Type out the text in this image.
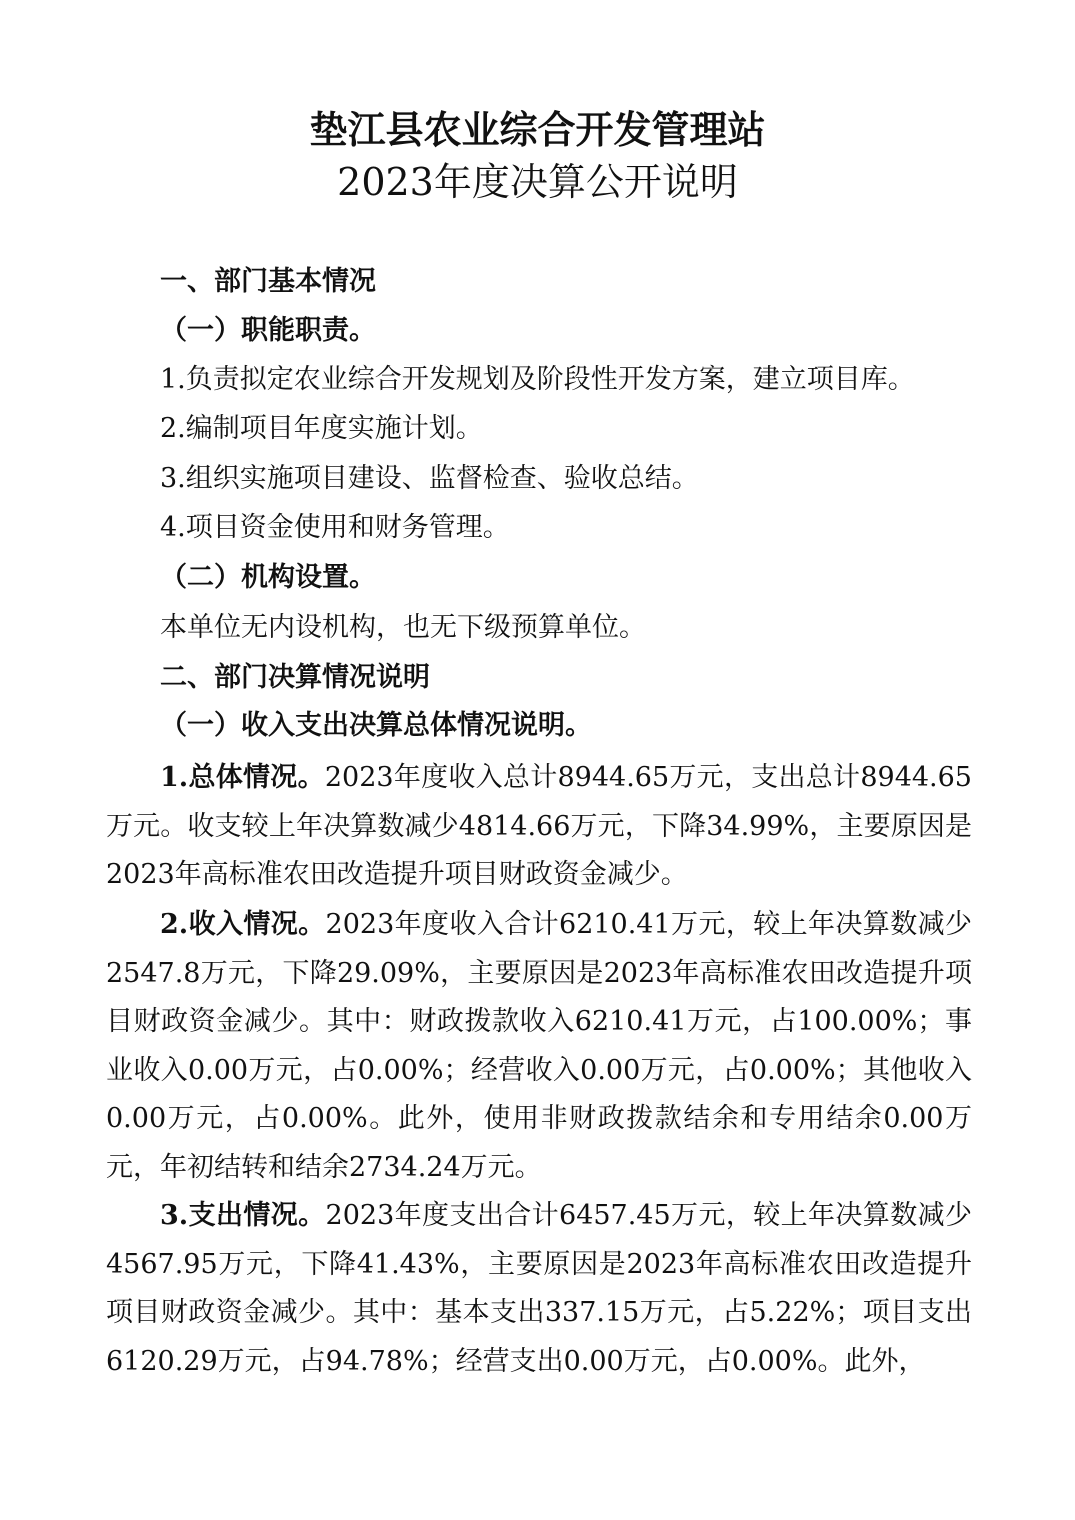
垫江县农业综合开发管理站
2023年度决算公开说明

一、部门基本情况

（一）职能职责。

1.负责拟定农业综合开发规划及阶段性开发方案，建立项目库。

2.编制项目年度实施计划。

3.组织实施项目建设、监督检查、验收总结。

4.项目资金使用和财务管理。

（二）机构设置。

本单位无内设机构，也无下级预算单位。

二、部门决算情况说明

（一）收入支出决算总体情况说明。

1.总体情况。2023年度收入总计8944.65万元，支出总计8944.65万元。收支较上年决算数减少4814.66万元，下降34.99%，主要原因是2023年高标准农田改造提升项目财政资金减少。

2.收入情况。2023年度收入合计6210.41万元，较上年决算数减少2547.8万元，下降29.09%，主要原因是2023年高标准农田改造提升项目财政资金减少。其中：财政拨款收入6210.41万元，占100.00%；事业收入0.00万元，占0.00%；经营收入0.00万元，占0.00%；其他收入0.00万元，占0.00%。此外，使用非财政拨款结余和专用结余0.00万元，年初结转和结余2734.24万元。

3.支出情况。2023年度支出合计6457.45万元，较上年决算数减少4567.95万元，下降41.43%，主要原因是2023年高标准农田改造提升项目财政资金减少。其中：基本支出337.15万元，占5.22%；项目支出6120.29万元，占94.78%；经营支出0.00万元，占0.00%。此外，
